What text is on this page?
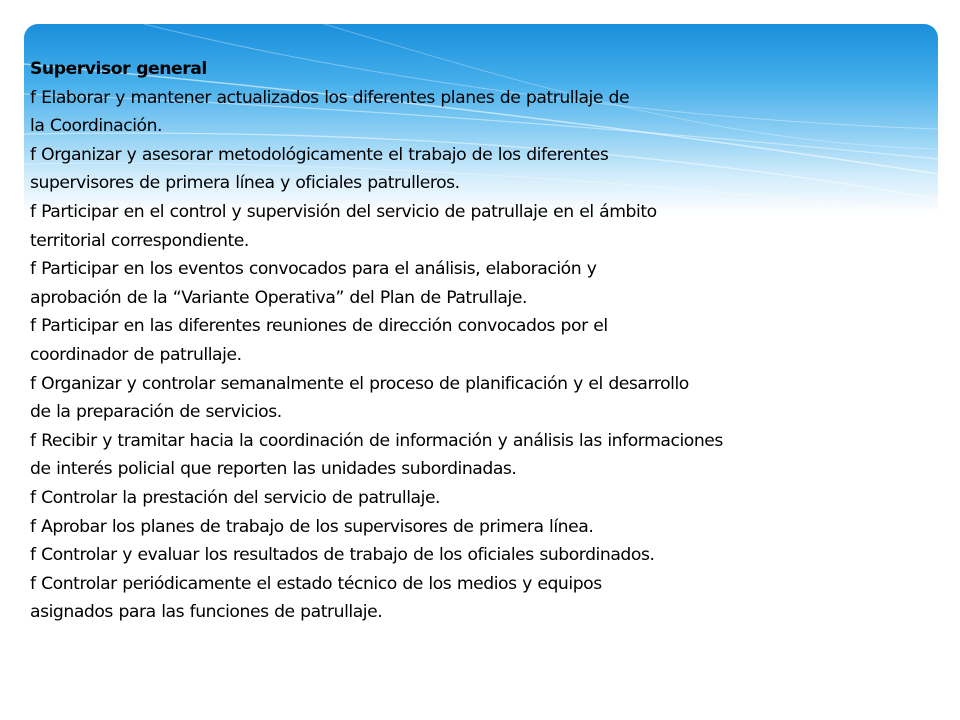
Supervisor general
f Elaborar y mantener actualizados los diferentes planes de patrullaje de
la Coordinación.
f Organizar y asesorar metodológicamente el trabajo de los diferentes
supervisores de primera línea y oficiales patrulleros.
f Participar en el control y supervisión del servicio de patrullaje en el ámbito
territorial correspondiente.
f Participar en los eventos convocados para el análisis, elaboración y
aprobación de la “Variante Operativa” del Plan de Patrullaje.
f Participar en las diferentes reuniones de dirección convocados por el
coordinador de patrullaje.
f Organizar y controlar semanalmente el proceso de planificación y el desarrollo
de la preparación de servicios.
f Recibir y tramitar hacia la coordinación de información y análisis las informaciones
de interés policial que reporten las unidades subordinadas.
f Controlar la prestación del servicio de patrullaje.
f Aprobar los planes de trabajo de los supervisores de primera línea.
f Controlar y evaluar los resultados de trabajo de los oficiales subordinados.
f Controlar periódicamente el estado técnico de los medios y equipos
asignados para las funciones de patrullaje.
